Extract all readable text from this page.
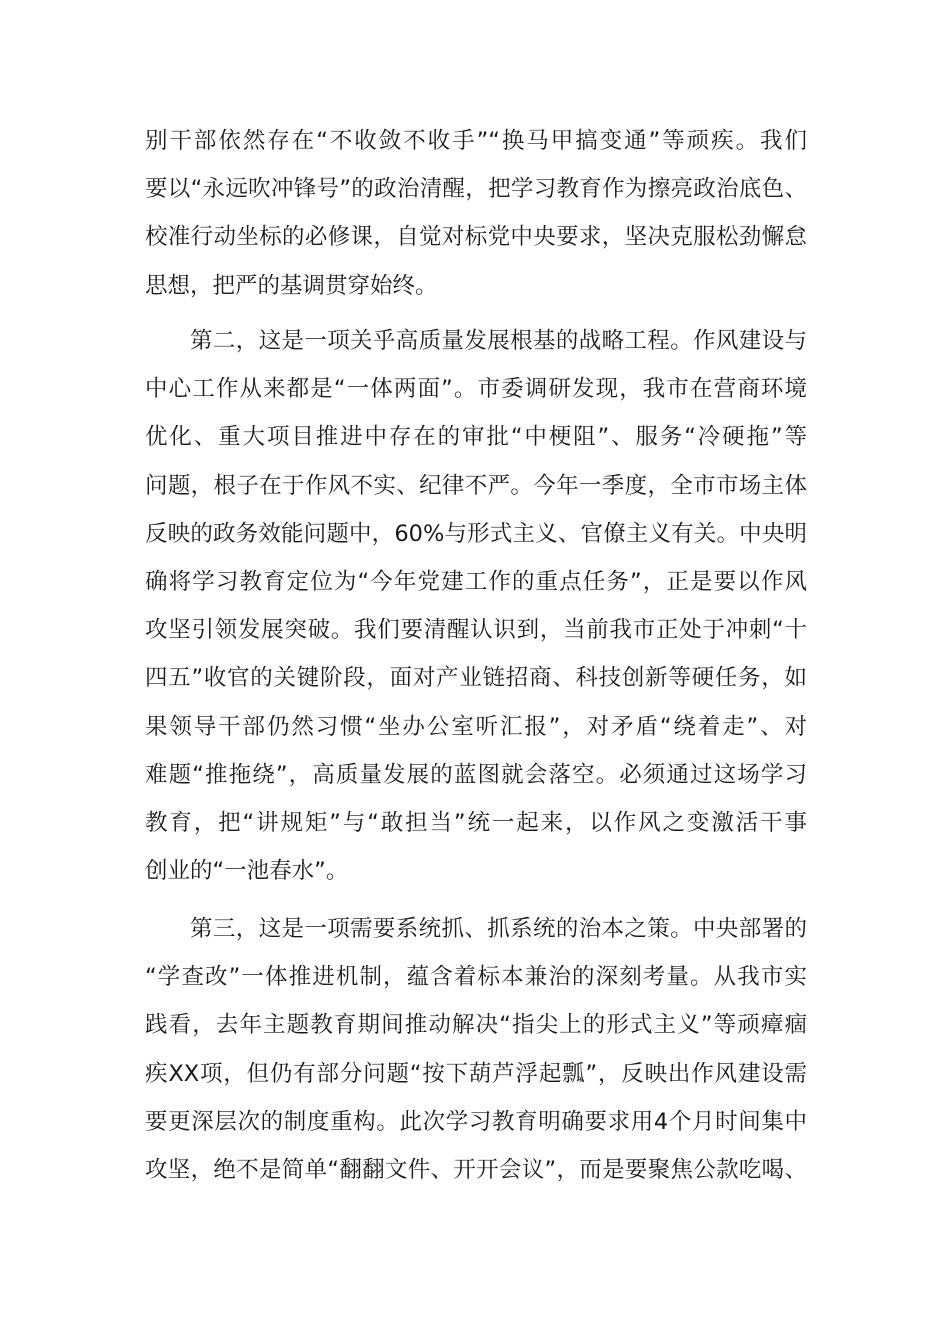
别干部依然存在“不收敛不收手”“换马甲搞变通”等顽疾。我们
要以“永远吹冲锋号”的政治清醒，把学习教育作为擦亮政治底色、
校准行动坐标的必修课，自觉对标党中央要求，坚决克服松劲懈怠
思想，把严的基调贯穿始终。
第二，这是一项关乎高质量发展根基的战略工程。作风建设与
中心工作从来都是“一体两面”。市委调研发现，我市在营商环境
优化、重大项目推进中存在的审批“中梗阻”、服务“冷硬拖”等
问题，根子在于作风不实、纪律不严。今年一季度，全市市场主体
反映的政务效能问题中，60%与形式主义、官僚主义有关。中央明
确将学习教育定位为“今年党建工作的重点任务”，正是要以作风
攻坚引领发展突破。我们要清醒认识到，当前我市正处于冲刺“十
四五”收官的关键阶段，面对产业链招商、科技创新等硬任务，如
果领导干部仍然习惯“坐办公室听汇报”，对矛盾“绕着走”、对
难题“推拖绕”，高质量发展的蓝图就会落空。必须通过这场学习
教育，把“讲规矩”与“敢担当”统一起来，以作风之变激活干事
创业的“一池春水”。
第三，这是一项需要系统抓、抓系统的治本之策。中央部署的
“学查改”一体推进机制，蕴含着标本兼治的深刻考量。从我市实
践看，去年主题教育期间推动解决“指尖上的形式主义”等顽瘴痼
疾XX项，但仍有部分问题“按下葫芦浮起瓢”，反映出作风建设需
要更深层次的制度重构。此次学习教育明确要求用4个月时间集中
攻坚，绝不是简单“翻翻文件、开开会议”，而是要聚焦公款吃喝、
